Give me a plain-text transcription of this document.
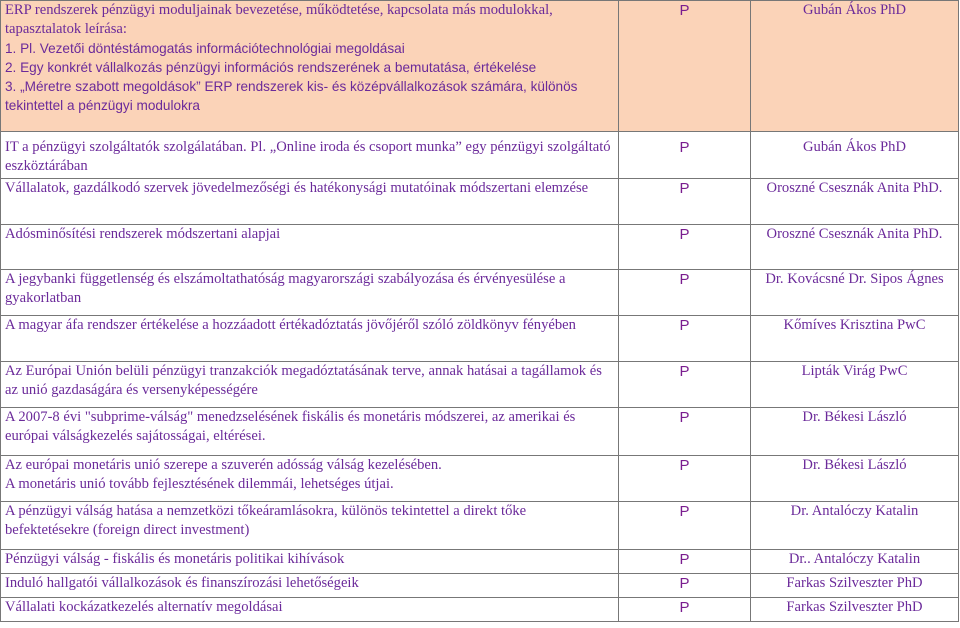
ERP rendszerek pénzügyi moduljainak bevezetése, működtetése, kapcsolata más modulokkal, tapasztalatok leírása:
1. Pl. Vezetői döntéstámogatás információtechnológiai megoldásai
2. Egy konkrét vállalkozás pénzügyi információs rendszerének a bemutatása, értékelése
3. „Méretre szabott megoldások” ERP rendszerek kis- és középvállalkozások számára, különös tekintettel a pénzügyi modulokra	P	Gubán Ákos PhD

IT a pénzügyi szolgáltatók szolgálatában. Pl. „Online iroda és csoport munka” egy pénzügyi szolgáltató eszköztárában	P	Gubán Ákos PhD

Vállalatok, gazdálkodó szervek jövedelmezőségi és hatékonysági mutatóinak módszertani elemzése	P	Oroszné Csesznák Anita PhD.

Adósminősítési rendszerek módszertani alapjai	P	Oroszné Csesznák Anita PhD.

A jegybanki függetlenség és elszámoltathatóság magyarországi szabályozása és érvényesülése a gyakorlatban	P	Dr. Kovácsné Dr. Sipos Ágnes

A magyar áfa rendszer értékelése a hozzáadott értékadóztatás jövőjéről szóló zöldkönyv fényében	P	Kőmíves Krisztina PwC

Az Európai Unión belüli pénzügyi tranzakciók megadóztatásának terve, annak hatásai a tagállamok és az unió gazdaságára és versenyképességére	P	Lipták Virág PwC

A 2007-8 évi "subprime-válság" menedzselésének fiskális és monetáris módszerei, az amerikai és európai válságkezelés sajátosságai, eltérései.	P	Dr. Békesi László

Az európai monetáris unió szerepe a szuverén adósság válság kezelésében.
A monetáris unió tovább fejlesztésének dilemmái, lehetséges útjai.	P	Dr. Békesi László

A pénzügyi válság hatása a nemzetközi tőkeáramlásokra, különös tekintettel a direkt tőke befektetésekre (foreign direct investment)	P	Dr. Antalóczy Katalin

Pénzügyi válság - fiskális és monetáris politikai kihívások	P	Dr.. Antalóczy Katalin

Induló hallgatói vállalkozások és finanszírozási lehetőségeik	P	Farkas Szilveszter PhD

Vállalati kockázatkezelés alternatív megoldásai	P	Farkas Szilveszter PhD
